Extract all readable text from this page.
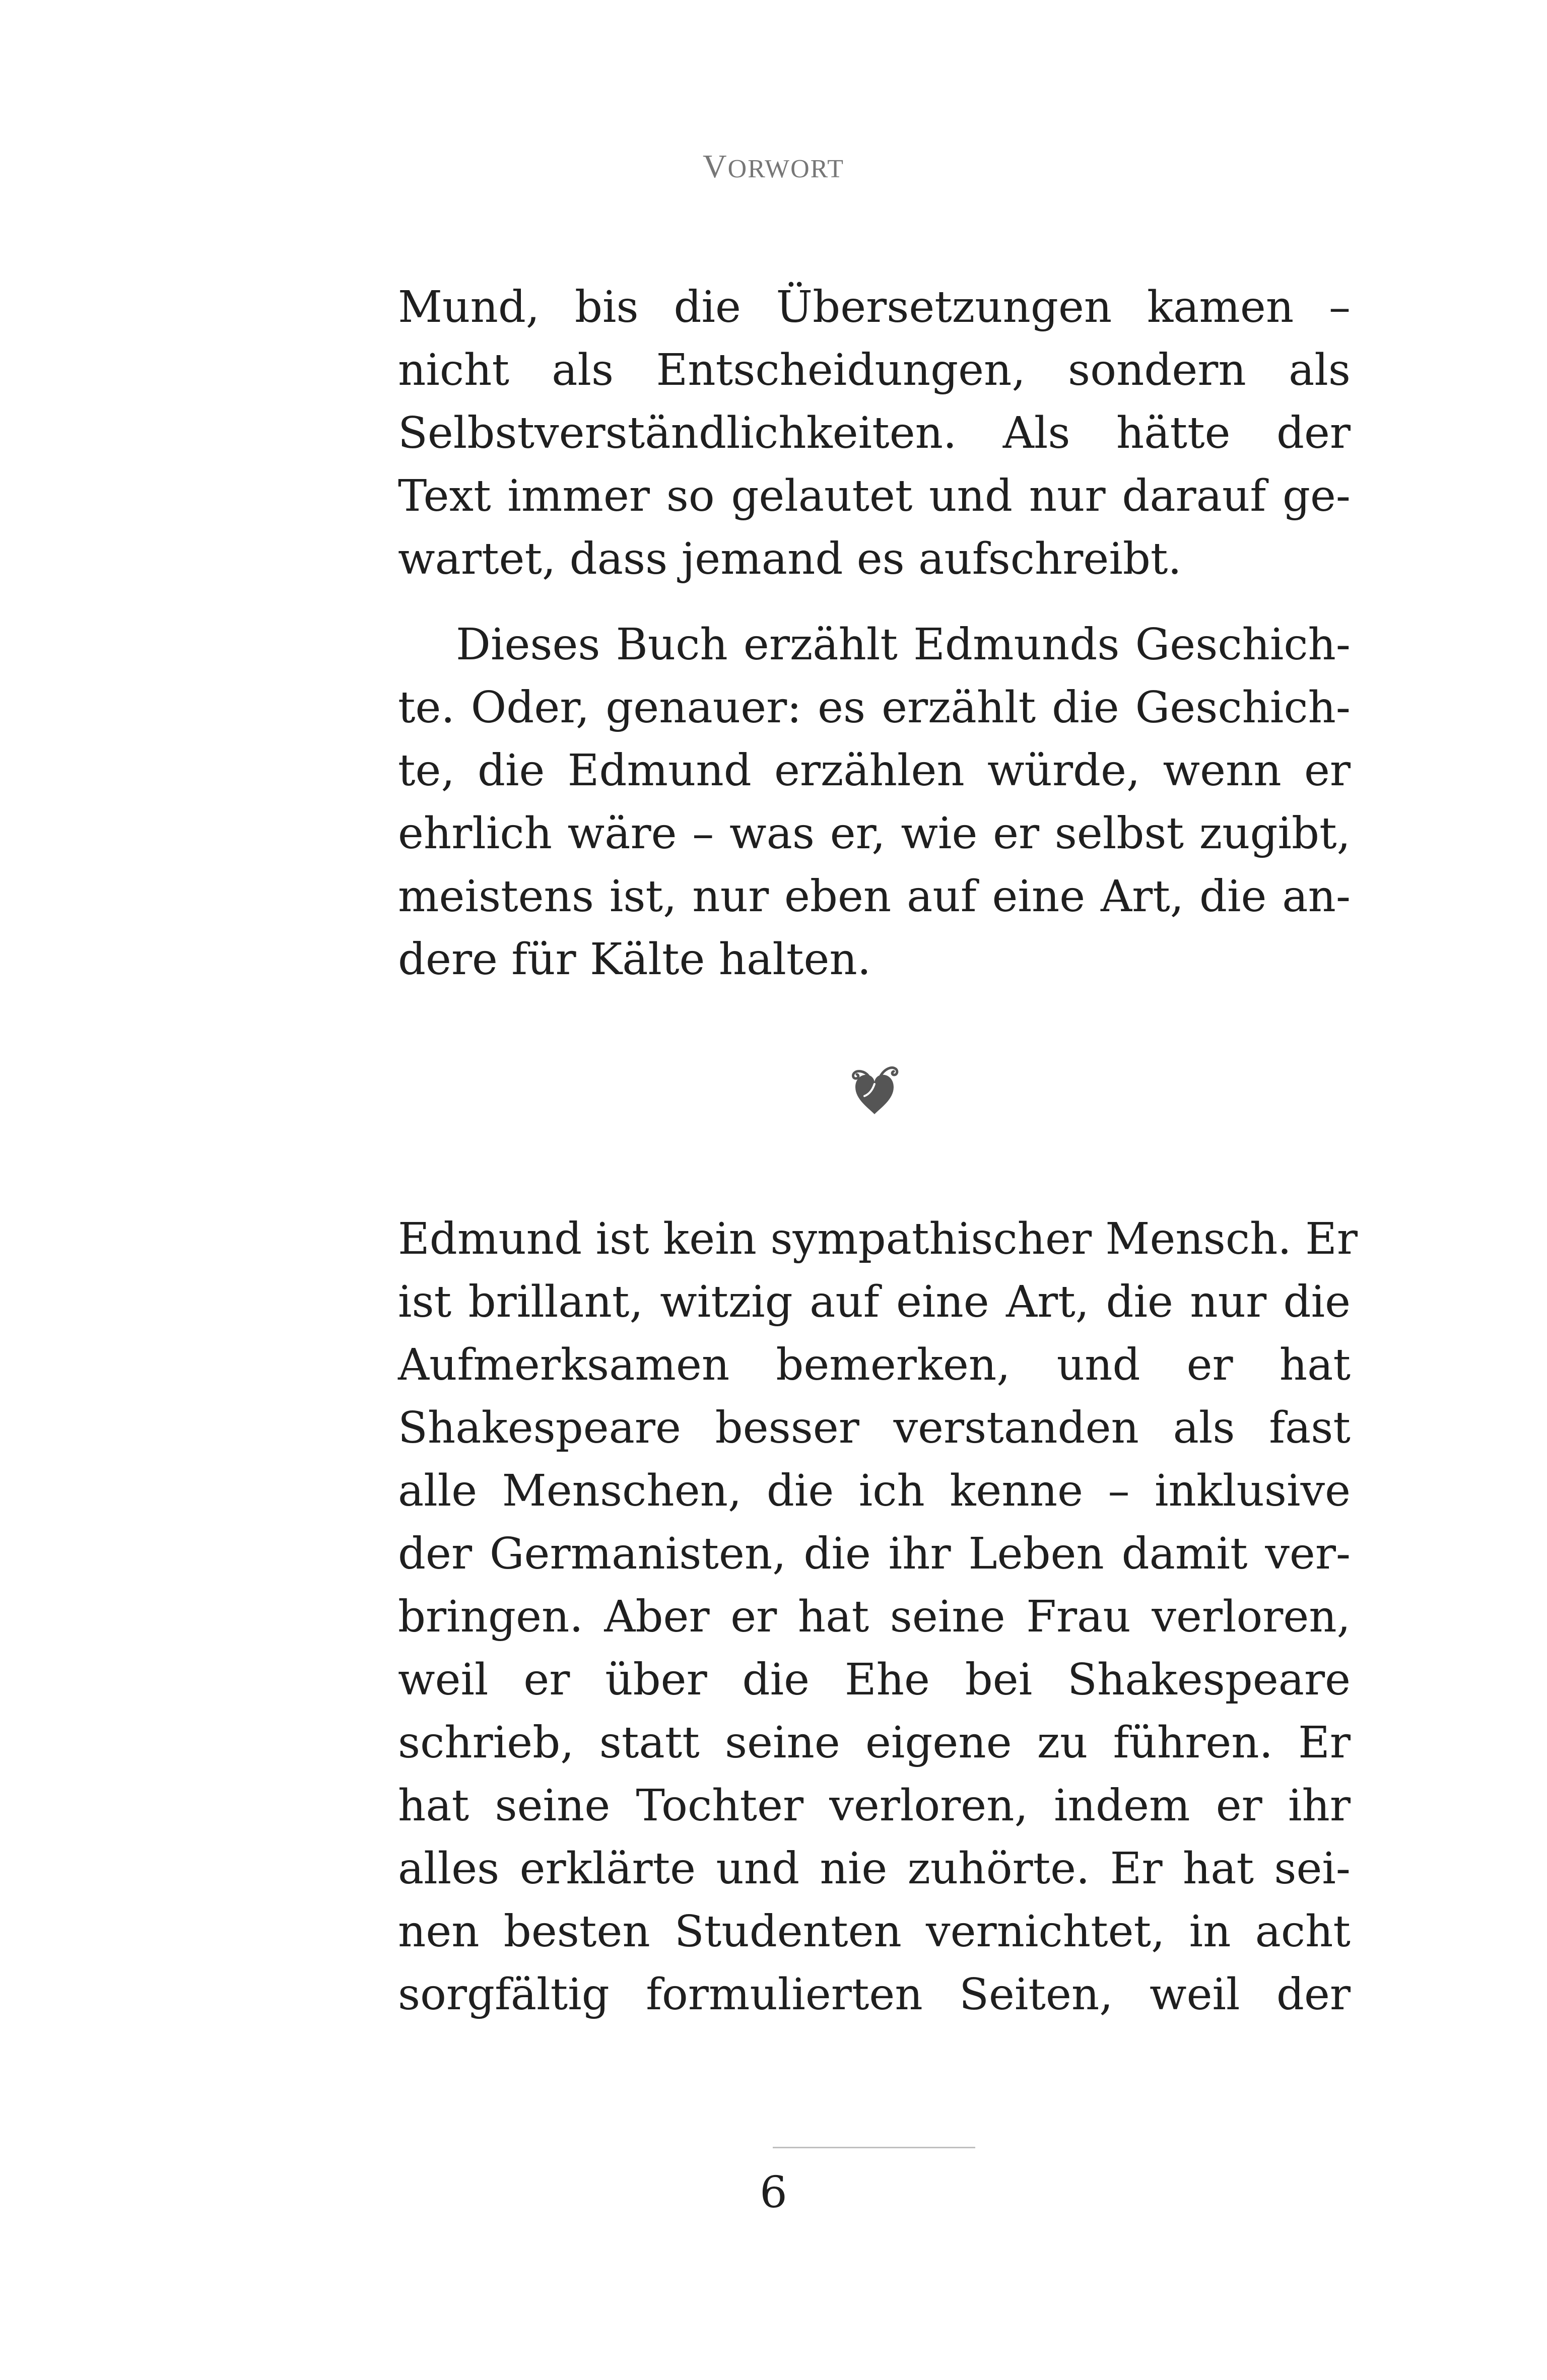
VORWORT
Mund, bis die Übersetzungen kamen –
nicht als Entscheidungen, sondern als
Selbstverständlichkeiten. Als hätte der
Text immer so gelautet und nur darauf ge-
wartet, dass jemand es aufschreibt.
Dieses Buch erzählt Edmunds Geschich-
te. Oder, genauer: es erzählt die Geschich-
te, die Edmund erzählen würde, wenn er
ehrlich wäre – was er, wie er selbst zugibt,
meistens ist, nur eben auf eine Art, die an-
dere für Kälte halten.
Edmund ist kein sympathischer Mensch. Er
ist brillant, witzig auf eine Art, die nur die
Aufmerksamen bemerken, und er hat
Shakespeare besser verstanden als fast
alle Menschen, die ich kenne – inklusive
der Germanisten, die ihr Leben damit ver-
bringen. Aber er hat seine Frau verloren,
weil er über die Ehe bei Shakespeare
schrieb, statt seine eigene zu führen. Er
hat seine Tochter verloren, indem er ihr
alles erklärte und nie zuhörte. Er hat sei-
nen besten Studenten vernichtet, in acht
sorgfältig formulierten Seiten, weil der
6
